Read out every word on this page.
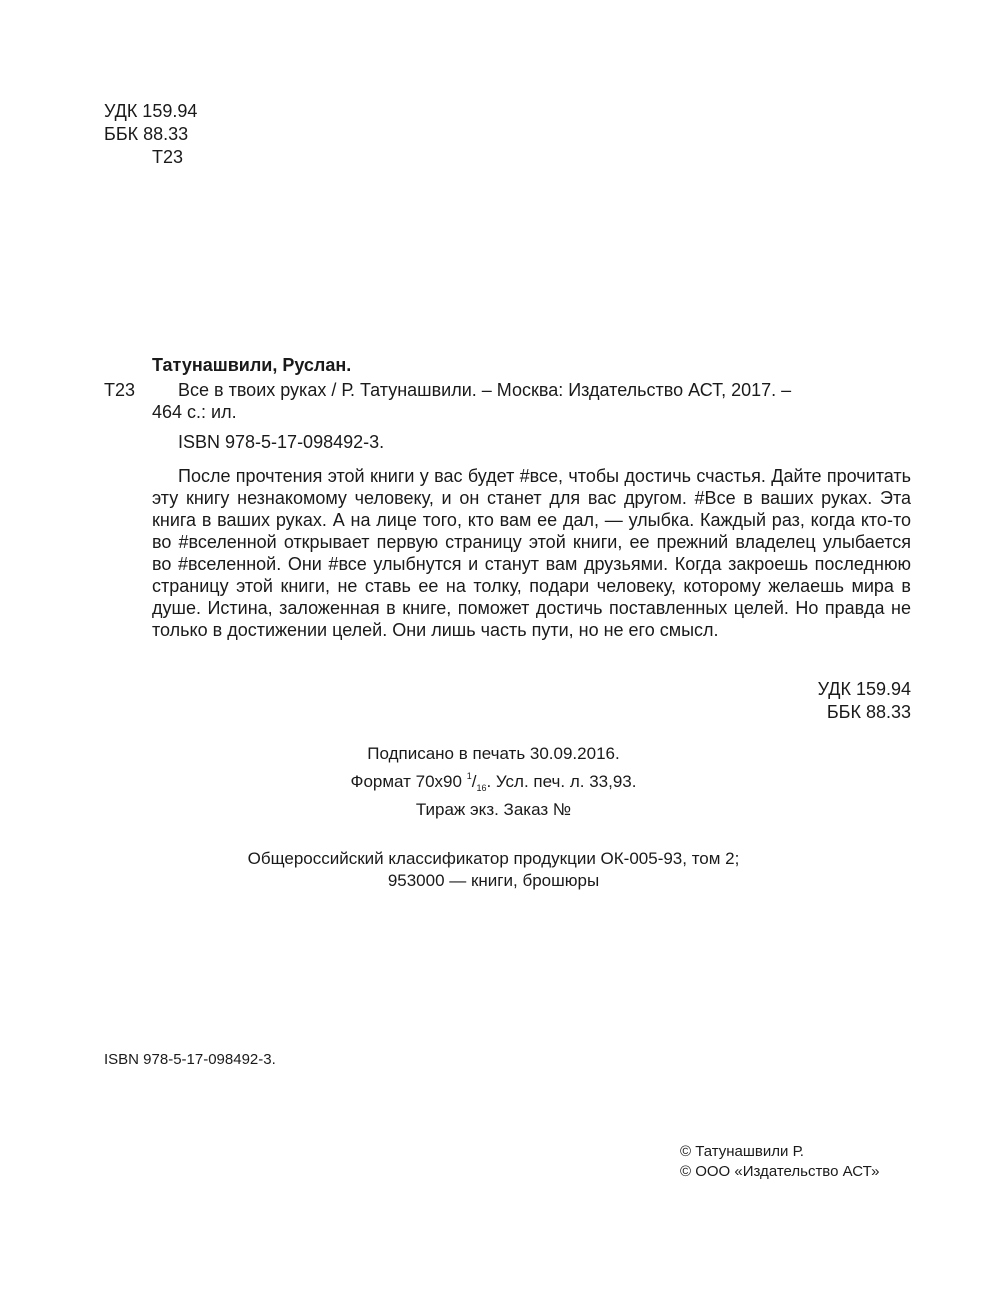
УДК 159.94
ББК 88.33
Т23
Татунашвили, Руслан.
Т23 Все в твоих руках / Р. Татунашвили. – Москва: Издательство АСТ, 2017. –
464 с.: ил.
ISBN 978-5-17-098492-3.

После прочтения этой книги у вас будет #все, чтобы достичь счастья. Дайте прочитать эту книгу незнакомому человеку, и он станет для вас другом. #Все в ваших руках. Эта книга в ваших руках. А на лице того, кто вам ее дал, — улыбка. Каждый раз, когда кто-то во #вселенной открывает первую страницу этой книги, ее прежний владелец улыбается во #вселенной. Они #все улыбнутся и станут вам друзьями. Когда закроешь последнюю страницу этой книги, не ставь ее на толку, подари человеку, которому желаешь мира в душе. Истина, заложенная в книге, поможет достичь поставленных целей. Но правда не только в достижении целей. Они лишь часть пути, но не его смысл.

УДК 159.94
ББК 88.33
Подписано в печать 30.09.2016.
Формат 70x90 $^1/_{16}$. Усл. печ. л. 33,93.
Тираж экз. Заказ №
Общероссийский классификатор продукции ОК-005-93, том 2;
953000 — книги, брошюры
ISBN 978-5-17-098492-3.
© Татунашвили Р.
© ООО «Издательство АСТ»
